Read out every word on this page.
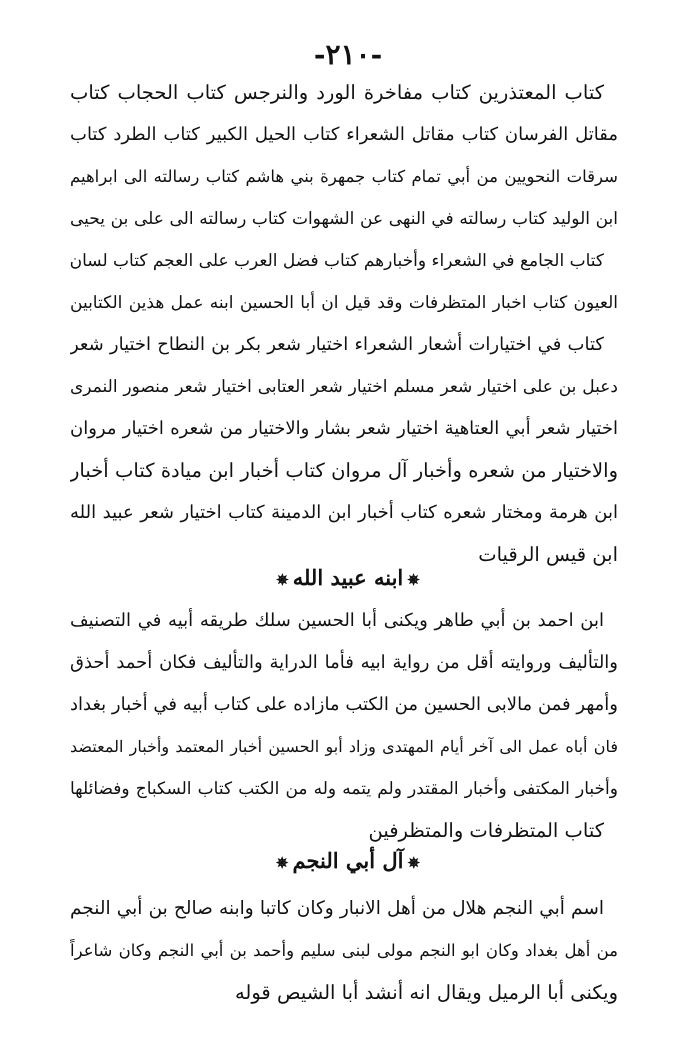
-٢١٠-
كتاب المعتذرين كتاب مفاخرة الورد والنرجس كتاب الحجاب كتاب
مقاتل الفرسان كتاب مقاتل الشعراء كتاب الحيل الكبير كتاب الطرد كتاب
سرقات النحويين من أبي تمام كتاب جمهرة بني هاشم كتاب رسالته الى ابراهيم
ابن الوليد كتاب رسالته في النهى عن الشهوات كتاب رسالته الى على بن يحيى
كتاب الجامع في الشعراء وأخبارهم كتاب فضل العرب على العجم كتاب لسان
العيون كتاب اخبار المتظرفات وقد قيل ان أبا الحسين ابنه عمل هذين الكتابين
كتاب في اختيارات أشعار الشعراء اختيار شعر بكر بن النطاح اختيار شعر
دعبل بن على اختيار شعر مسلم اختيار شعر العتابى اختيار شعر منصور النمرى
اختيار شعر أبي العتاهية اختيار شعر بشار والاختيار من شعره اختيار مروان
والاختيار من شعره وأخبار آل مروان كتاب أخبار ابن ميادة كتاب أخبار
ابن هرمة ومختار شعره كتاب أخبار ابن الدمينة كتاب اختيار شعر عبيد الله
ابن قيس الرقيات
✵ابنه عبيد الله✵
ابن احمد بن أبي طاهر ويكنى أبا الحسين سلك طريقه أبيه في التصنيف
والتأليف وروايته أقل من رواية ابيه فأما الدراية والتأليف فكان أحمد أحذق
وأمهر فمن مالابى الحسين من الكتب مازاده على كتاب أبيه في أخبار بغداد
فان أباه عمل الى آخر أيام المهتدى وزاد أبو الحسين أخبار المعتمد وأخبار المعتضد
وأخبار المكتفى وأخبار المقتدر ولم يتمه وله من الكتب كتاب السكباج وفضائلها
كتاب المتظرفات والمتظرفين
✵آل أبي النجم✵
اسم أبي النجم هلال من أهل الانبار وكان كاتبا وابنه صالح بن أبي النجم
من أهل بغداد وكان ابو النجم مولى لبنى سليم وأحمد بن أبي النجم وكان شاعراً
ويكنى أبا الرميل ويقال انه أنشد أبا الشيص قوله
